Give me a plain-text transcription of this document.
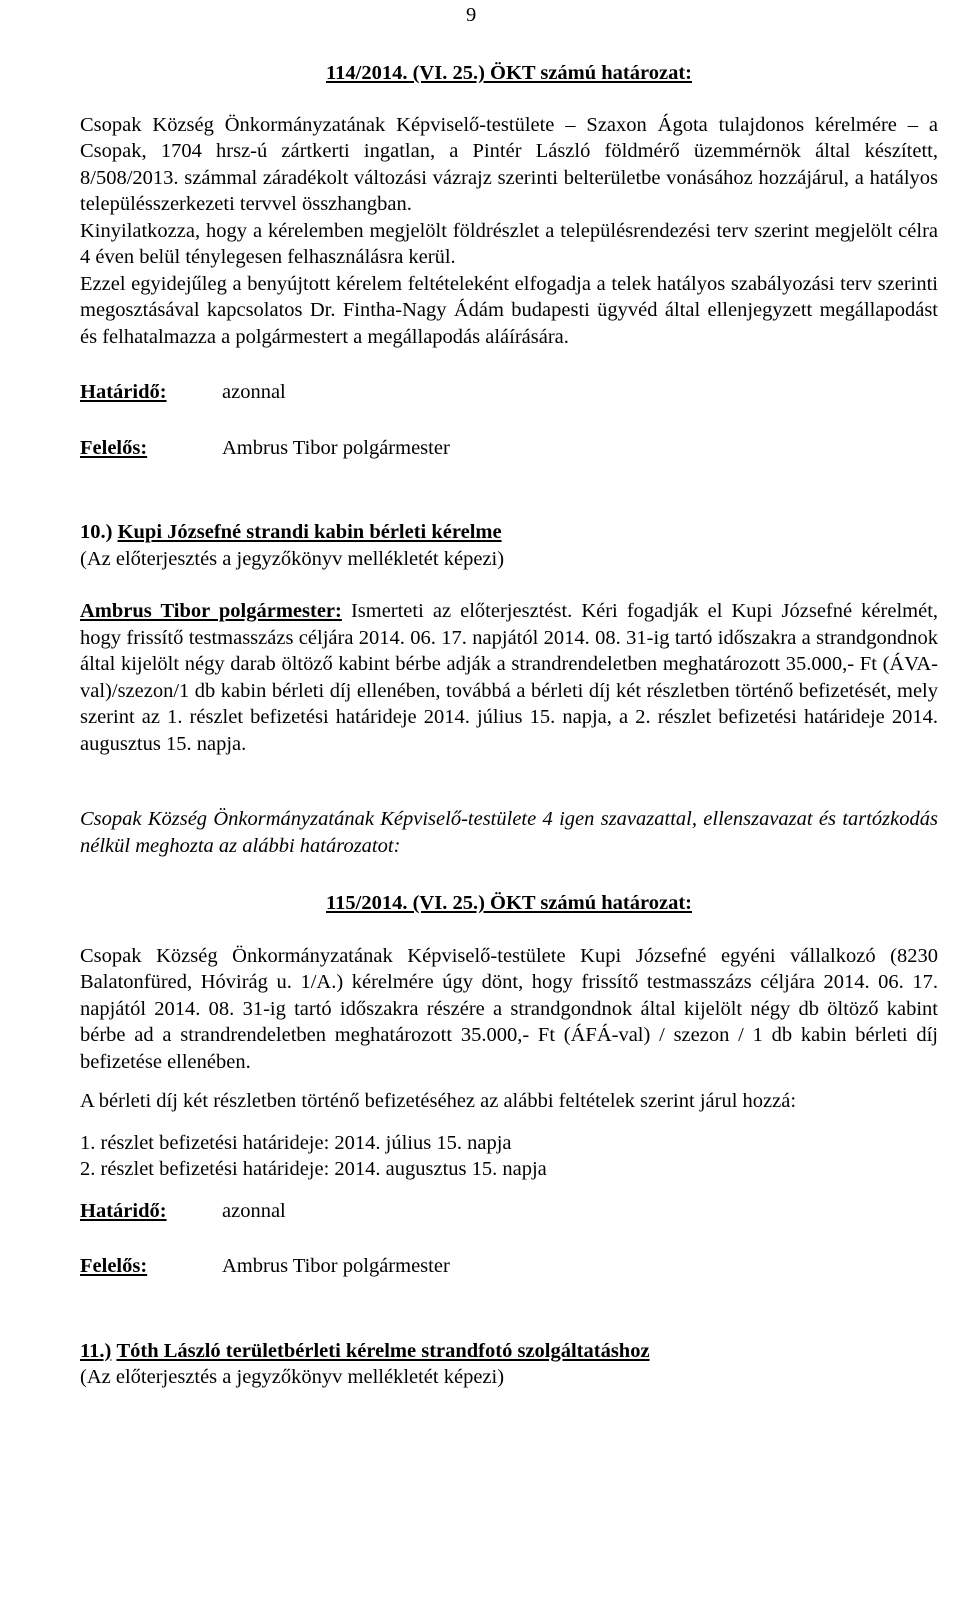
9

114/2014. (VI. 25.) ÖKT számú határozat:

Csopak Község Önkormányzatának Képviselő-testülete – Szaxon Ágota tulajdonos kérelmére – a Csopak, 1704 hrsz-ú zártkerti ingatlan, a Pintér László földmérő üzemmérnök által készített, 8/508/2013. számmal záradékolt változási vázrajz szerinti belterületbe vonásához hozzájárul, a hatályos településszerkezeti tervvel összhangban.

Kinyilatkozza, hogy a kérelemben megjelölt földrészlet a településrendezési terv szerint megjelölt célra 4 éven belül ténylegesen felhasználásra kerül.

Ezzel egyidejűleg a benyújtott kérelem feltételeként elfogadja a telek hatályos szabályozási terv szerinti megosztásával kapcsolatos Dr. Fintha-Nagy Ádám budapesti ügyvéd által ellenjegyzett megállapodást és felhatalmazza a polgármestert a megállapodás aláírására.

Határidő:	azonnal
Felelős:	Ambrus Tibor polgármester

10.) Kupi Józsefné strandi kabin bérleti kérelme

(Az előterjesztés a jegyzőkönyv mellékletét képezi)

Ambrus Tibor polgármester: Ismerteti az előterjesztést. Kéri fogadják el Kupi Józsefné kérelmét, hogy frissítő testmasszázs céljára 2014. 06. 17. napjától 2014. 08. 31-ig tartó időszakra a strandgondnok által kijelölt négy darab öltöző kabint bérbe adják a strandrendeletben meghatározott 35.000,- Ft (ÁVA-val)/szezon/1 db kabin bérleti díj ellenében, továbbá a bérleti díj két részletben történő befizetését, mely szerint az 1. részlet befizetési határideje 2014. július 15. napja, a 2. részlet befizetési határideje 2014. augusztus 15. napja.

Csopak Község Önkormányzatának Képviselő-testülete 4 igen szavazattal, ellenszavazat és tartózkodás nélkül meghozta az alábbi határozatot:

115/2014. (VI. 25.) ÖKT számú határozat:

Csopak Község Önkormányzatának Képviselő-testülete Kupi Józsefné egyéni vállalkozó (8230 Balatonfüred, Hóvirág u. 1/A.) kérelmére úgy dönt, hogy frissítő testmasszázs céljára 2014. 06. 17. napjától 2014. 08. 31-ig tartó időszakra részére a strandgondnok által kijelölt négy db öltöző kabint bérbe ad a strandrendeletben meghatározott 35.000,- Ft (ÁFÁ-val) / szezon / 1 db kabin bérleti díj befizetése ellenében.

A bérleti díj két részletben történő befizetéséhez az alábbi feltételek szerint járul hozzá:

1. részlet befizetési határideje: 2014. július 15. napja

2. részlet befizetési határideje: 2014. augusztus 15. napja

Határidő:	azonnal
Felelős:	Ambrus Tibor polgármester

11.) Tóth László területbérleti kérelme strandfotó szolgáltatáshoz

(Az előterjesztés a jegyzőkönyv mellékletét képezi)
